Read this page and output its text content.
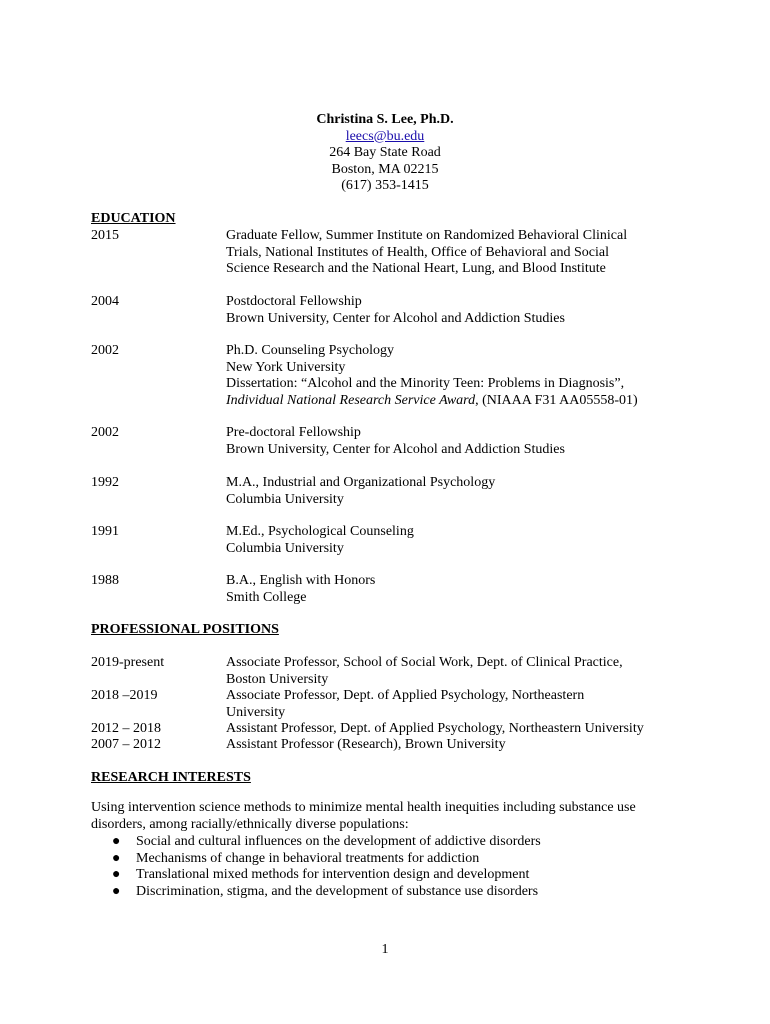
Christina S. Lee, Ph.D.
leecs@bu.edu
264 Bay State Road
Boston, MA 02215
(617) 353-1415
EDUCATION
2015	Graduate Fellow, Summer Institute on Randomized Behavioral Clinical
Trials, National Institutes of Health, Office of Behavioral and Social
Science Research and the National Heart, Lung, and Blood Institute
2004	Postdoctoral Fellowship
Brown University, Center for Alcohol and Addiction Studies
2002	Ph.D. Counseling Psychology
New York University
Dissertation: “Alcohol and the Minority Teen: Problems in Diagnosis”,
Individual National Research Service Award, (NIAAA F31 AA05558-01)
2002	Pre-doctoral Fellowship
Brown University, Center for Alcohol and Addiction Studies
1992	M.A., Industrial and Organizational Psychology
Columbia University
1991	M.Ed., Psychological Counseling
Columbia University
1988	B.A., English with Honors
Smith College
PROFESSIONAL POSITIONS
2019-present	Associate Professor, School of Social Work, Dept. of Clinical Practice,
Boston University
2018 –2019	Associate Professor, Dept. of Applied Psychology, Northeastern
University
2012 – 2018	Assistant Professor, Dept. of Applied Psychology, Northeastern University
2007 – 2012	Assistant Professor (Research), Brown University
RESEARCH INTERESTS
Using intervention science methods to minimize mental health inequities including substance use
disorders, among racially/ethnically diverse populations:
● Social and cultural influences on the development of addictive disorders
● Mechanisms of change in behavioral treatments for addiction
● Translational mixed methods for intervention design and development
● Discrimination, stigma, and the development of substance use disorders
1
